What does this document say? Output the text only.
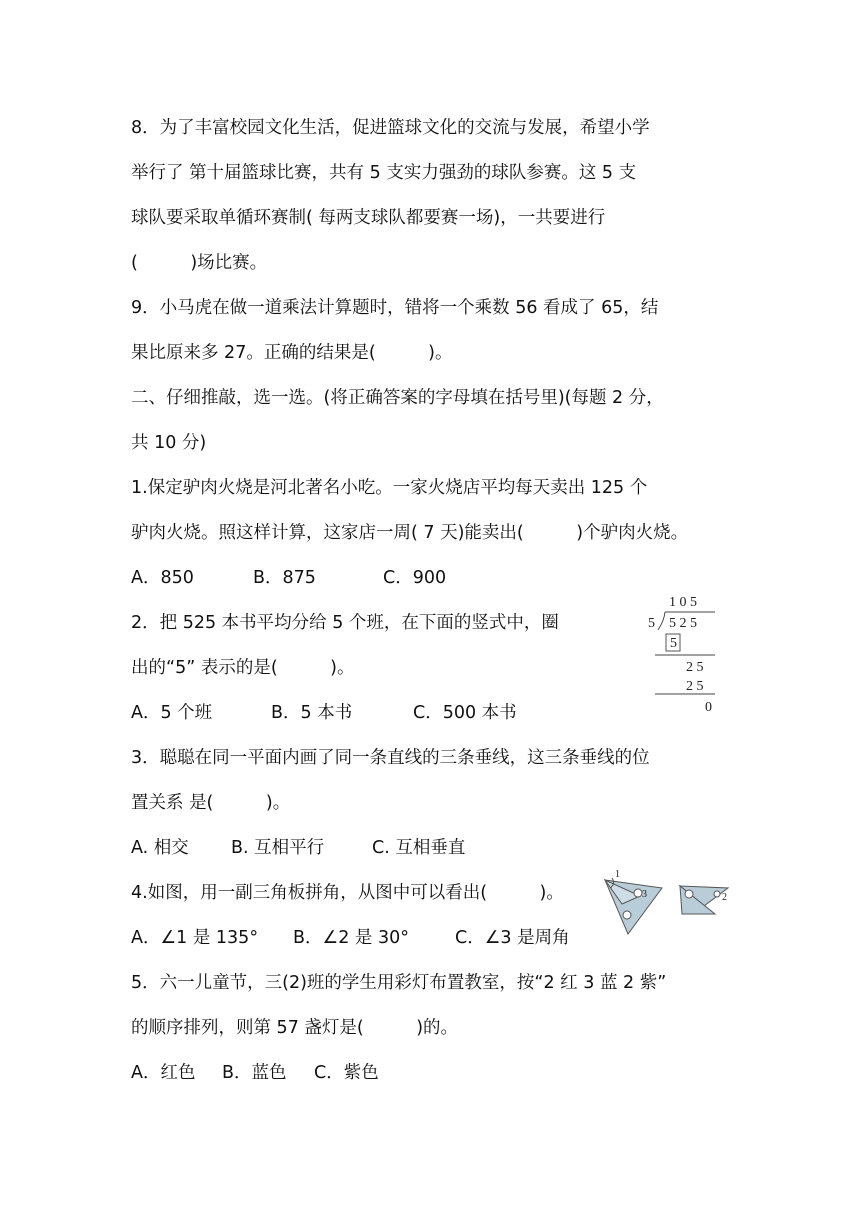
8．为了丰富校园文化生活，促进篮球文化的交流与发展，希望小学
举行了 第十届篮球比赛，共有 5 支实力强劲的球队参赛。这 5 支
球队要采取单循环赛制( 每两支球队都要赛一场)，一共要进行
(　　　)场比赛。
9．小马虎在做一道乘法计算题时，错将一个乘数 56 看成了 65，结
果比原来多 27。正确的结果是(　　　)。
二、仔细推敲，选一选。(将正确答案的字母填在括号里)(每题 2 分，
共 10 分)
1.保定驴肉火烧是河北著名小吃。一家火烧店平均每天卖出 125 个
驴肉火烧。照这样计算，这家店一周( 7 天)能卖出(　　　)个驴肉火烧。
A．850	B．875	C．900
2．把 525 本书平均分给 5 个班，在下面的竖式中，圈
出的“5” 表示的是(　　　)。
A．5 个班	B．5 本书	C．500 本书
1 0 5
5 5 2 5
5
2 5
2 5
0
3．聪聪在同一平面内画了同一条直线的三条垂线，这三条垂线的位
置关系 是(　　　)。
A. 相交 B. 互相平行	C. 互相垂直
4.如图，用一副三角板拼角，从图中可以看出(　　　)。
A．∠1 是 135° B．∠2 是 30°	C．∠3 是周角
1
2
3
5．六一儿童节，三(2)班的学生用彩灯布置教室，按“2 红 3 蓝 2 紫”
的顺序排列，则第 57 盏灯是(　　　)的。
A．红色 B．蓝色 C．紫色
